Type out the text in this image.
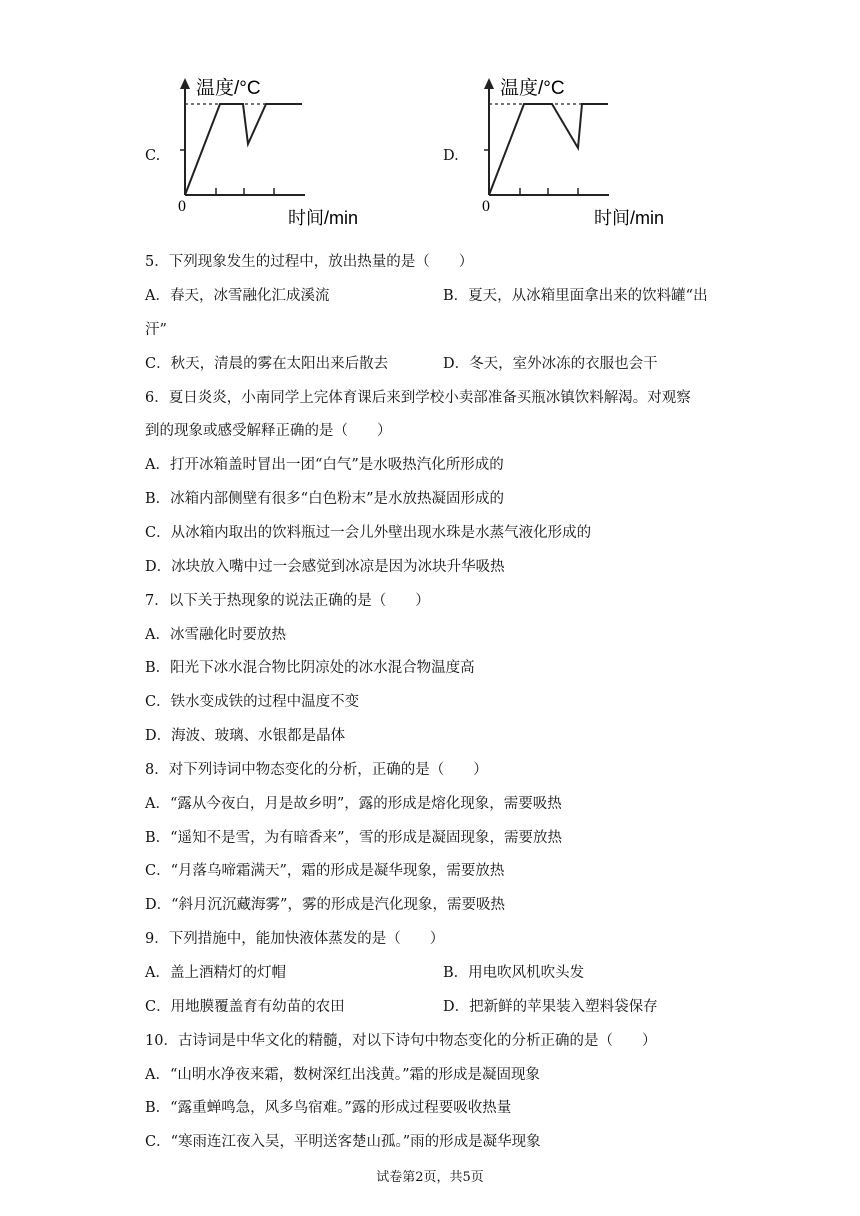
C.
温度/°C
0
时间/min
D.
温度/°C
0
时间/min
5．下列现象发生的过程中，放出热量的是（　　）
A．春天，冰雪融化汇成溪流	B．夏天，从冰箱里面拿出来的饮料罐“出
汗”
C．秋天，清晨的雾在太阳出来后散去	D．冬天，室外冰冻的衣服也会干
6．夏日炎炎，小南同学上完体育课后来到学校小卖部准备买瓶冰镇饮料解渴。对观察
到的现象或感受解释正确的是（　　）
A．打开冰箱盖时冒出一团“白气”是水吸热汽化所形成的
B．冰箱内部侧壁有很多“白色粉末”是水放热凝固形成的
C．从冰箱内取出的饮料瓶过一会儿外壁出现水珠是水蒸气液化形成的
D．冰块放入嘴中过一会感觉到冰凉是因为冰块升华吸热
7．以下关于热现象的说法正确的是（　　）
A．冰雪融化时要放热
B．阳光下冰水混合物比阴凉处的冰水混合物温度高
C．铁水变成铁的过程中温度不变
D．海波、玻璃、水银都是晶体
8．对下列诗词中物态变化的分析，正确的是（　　）
A．“露从今夜白，月是故乡明”，露的形成是熔化现象，需要吸热
B．“遥知不是雪，为有暗香来”，雪的形成是凝固现象，需要放热
C．“月落乌啼霜满天”，霜的形成是凝华现象，需要放热
D．“斜月沉沉藏海雾”，雾的形成是汽化现象，需要吸热
9．下列措施中，能加快液体蒸发的是（　　）
A．盖上酒精灯的灯帽	B．用电吹风机吹头发
C．用地膜覆盖育有幼苗的农田	D．把新鲜的苹果装入塑料袋保存
10．古诗词是中华文化的精髓，对以下诗句中物态变化的分析正确的是（　　）
A．“山明水净夜来霜，数树深红出浅黄。”霜的形成是凝固现象
B．“露重蝉鸣急，风多鸟宿难。”露的形成过程要吸收热量
C．“寒雨连江夜入吴，平明送客楚山孤。”雨的形成是凝华现象
试卷第2页，共5页
